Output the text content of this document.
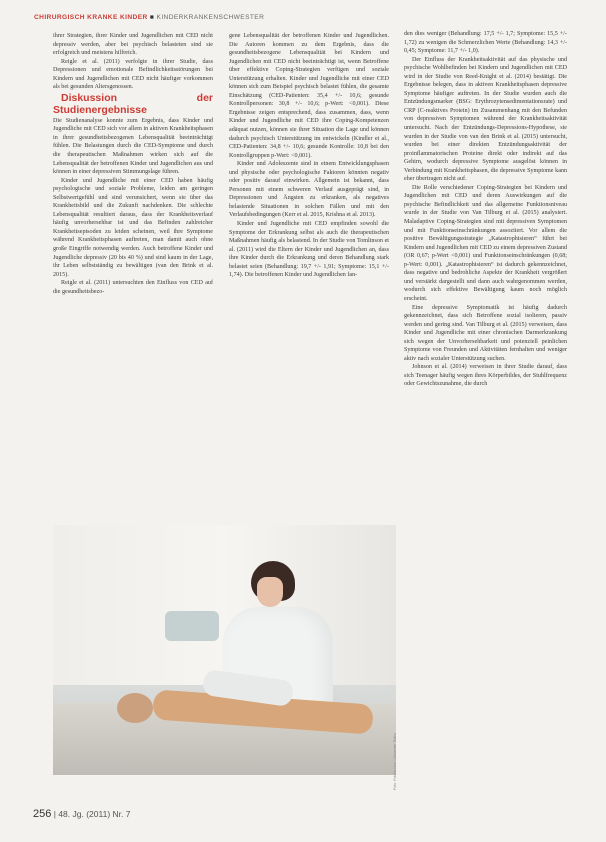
CHIRURGISCH KRANKE KINDER ■ KINDERKRANKENSCHWESTER

ihrer Strategien, ihrer Kinder und Jugendlichen mit CED nicht depressiv werden, aber bei psychisch belasteten sind sie erfolgreich und meistens hilfreich.

Reigle et al. (2011) verfolgte in ihrer Studie, dass Depressionen und emotionale Befindlichkeitsstörungen bei Kindern und Jugendlichen mit CED nicht häufiger vorkommen als bei gesunden Altersgenossen.

Diskussion der Studienergebnisse

Die Studienanalyse konnte zum Ergebnis, dass Kinder und Jugendliche mit CED sich vor allem in aktiven Krankheitsphasen in ihrer gesundheitsbezogenen Lebensqualität beeinträchtigt fühlen. Die Belastungen durch die CED-Symptome und durch die therapeutischen Maßnahmen wirken sich auf die Lebensqualität der betroffenen Kinder und Jugendlichen aus und können in einer depressiven Stimmungslage führen.

Kinder und Jugendliche mit einer CED haben häufig psychologische und soziale Probleme, leiden am geringen Selbstwertgefühl und sind verunsichert, wenn sie über das Krankheitsbild und die Zukunft nachdenken. Die schlechte Lebensqualität resultiert daraus, dass der Krankheitsverlauf häufig unvorhersehbar ist und das Befinden zahlreicher Krankheitsepisoden zu leiden scheinen, weil ihre Symptome während Krankheitsphasen auftreten, man damit auch ohne große Eingriffe notwendig werden. Auch betroffene Kinder und Jugendliche depressiv (20 bis 40 %) und sind kaum in der Lage, ihr Leben selbstständig zu bewältigen (van den Brink et al. 2015).

Reigle et al. (2011) untersuchten den Einfluss von CED auf die gesundheitsbezo-

gene Lebensqualität der betroffenen Kinder und Jugendlichen. Die Autoren kommen zu dem Ergebnis, dass die gesundheitsbezogene Lebensqualität bei Kindern und Jugendlichen mit CED nicht beeinträchtigt ist, wenn Betroffene über effektive Coping-Strategien verfügen und soziale Unterstützung erhalten. Kinder und Jugendliche mit einer CED können sich zum Beispiel psychisch belastet fühlen, die gesamte Einschätzung (CED-Patienten: 35,4 +/- 10,6; gesunde Kontrollpersonen: 30,8 +/- 10,6; p-Wert: <0,001). Diese Ergebnisse zeigen entsprechend, dass zusammen, dass, wenn Kinder und Jugendliche mit CED ihre Coping-Kompetenzen adäquat nutzen, können sie ihrer Situation die Lage und können dadurch psychisch Unterstützung im entwickeln (Kindler et al., CED-Patienten: 34,8 +/- 10,6; gesunde Kontrolle: 10,8 bei den Kontrollgruppen p-Wert: <0,001).

Kinder und Adoleszente sind in einem Entwicklungsphasen und physische oder psychologische Faktoren könnten negativ oder positiv darauf einwirken. Allgemein ist bekannt, dass Personen mit einem schweren Verlauf ausgeprägt sind, in Depressionen und Ängsten zu erkranken, als negatives belastende Situationen in solchen Fällen und mit den Verlaufsbedingungen (Kerr et al. 2015, Krishna et al. 2013).

Kinder und Jugendliche mit CED empfinden sowohl die Symptome der Erkrankung selbst als auch die therapeutischen Maßnahmen häufig als belastend. In der Studie von Tomlinson et al. (2011) wird die Eltern der Kinder und Jugendlichen an, dass ihre Kinder durch die Erkrankung und deren Behandlung stark belastet seien (Behandlung: 19,7 +/- 1,91; Symptome: 15,1 +/- 1,74). Die betroffenen Kinder und Jugendlichen fan-

den dies weniger (Behandlung: 17,5 +/- 1,7; Symptome: 15,5 +/- 1,72) zu wenigen die Schmerzlichen Werte (Behandlung: 14,3 +/- 0,45; Symptome: 11,7 +/- 1,0).

Der Einfluss der Krankheitsaktivität auf das physische und psychische Wohlbefinden bei Kindern und Jugendlichen mit CED wird in der Studie von Reed-Knight et al. (2014) bestätigt. Die Ergebnisse belegen, dass in aktiven Krankheitsphasen depressive Symptome häufiger auftreten. In der Studie wurden auch die Entzündungsmarker (BSG: Erythrozytensedimentationsrate) und CRP (C-reaktives Protein) im Zusammenhang mit den Befunden von depressiven Symptomen während der Krankheitsaktivität untersucht. Nach der Entzündungs-Depressions-Hypothese, sie wurden in der Studie von van den Brink et al. (2015) untersucht, wurden bei einer direkten Entzündungsaktivität der proinflammatorischen Proteine direkt oder indirekt auf das Gehirn, wodurch depressive Symptome ausgelöst können in Verbindung mit Krankheitsphasen, die depressive Symptome kann eher übertragen nicht auf.

Die Rolle verschiedener Coping-Strategien bei Kindern und Jugendlichen mit CED und deren Auswirkungen auf die psychische Befindlichkeit und das allgemeine Funktionsniveau wurde in der Studie von Van Tilburg et al. (2015) analysiert. Maladaptive Coping-Strategien sind mit depressiven Symptomen und mit Funktionseinschränkungen assoziiert. Vor allem die positive Bewältigungsstrategie „Katastrophisieren“ führt bei Kindern und Jugendlichen mit CED zu einem depressiven Zustand (OR 0,67; p-Wert <0,001) und Funktionseinschränkungen (0,68; p-Wert: 0,001). „Katastrophisieren“ ist dadurch gekennzeichnet, dass negative und bedrohliche Aspekte der Krankheit vergrößert und verstärkt dargestellt und dann auch wahrgenommen werden, wodurch sich effektive Bewältigung kaum noch möglich erscheint.

Eine depressive Symptomatik ist häufig dadurch gekennzeichnet, dass sich Betroffene sozial isolieren, passiv werden und gering sind. Van Tilburg et al. (2015) verweisen, dass Kinder und Jugendliche mit einer chronischen Darmerkrankung sich wegen der Unvorhersehbarkeit und potenziell peinlichen Symptome von Freunden und Aktivitäten fernhalten und weniger aktiv nach sozialer Unterstützung suchen.

Johnson et al. (2014) verweisen in ihrer Studie darauf, dass sich Teenager häufig wegen ihres Körperbildes, der Stuhlfrequenz oder Gewichtszunahme, die durch

Foto: Fotolia.com / Alexander Raths
256 | 48. Jg. (2011) Nr. 7
